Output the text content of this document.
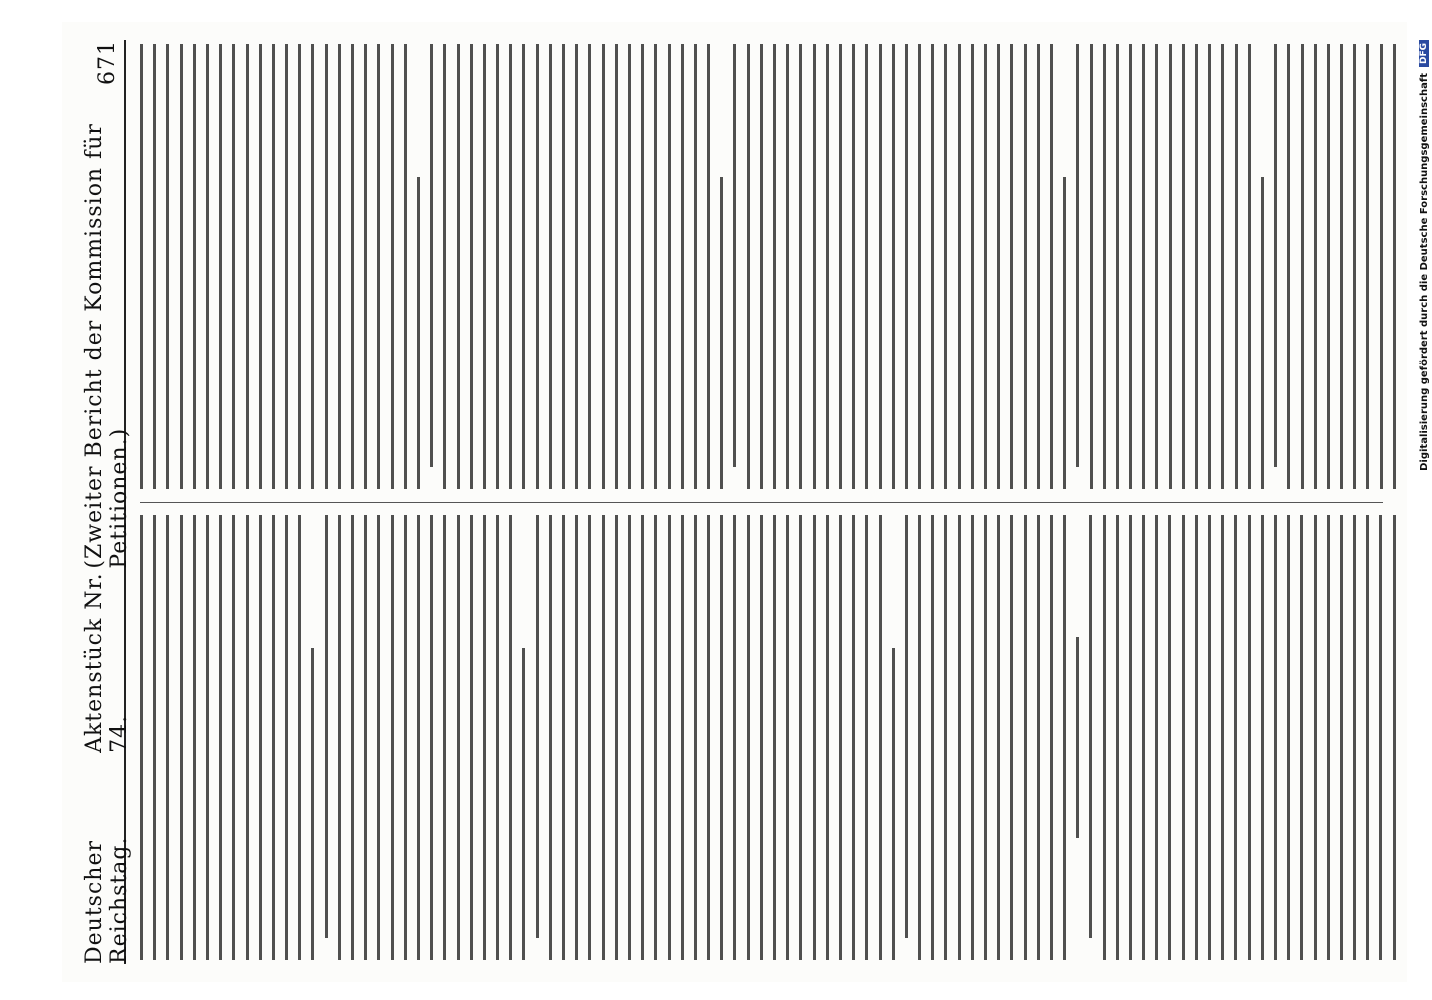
Deutscher Reichstag.
Aktenstück Nr. 74.
(Zweiter Bericht der Kommission für Petitionen.)
671
Digitalisierung gefördert durch die Deutsche Forschungsgemeinschaft
DFG
